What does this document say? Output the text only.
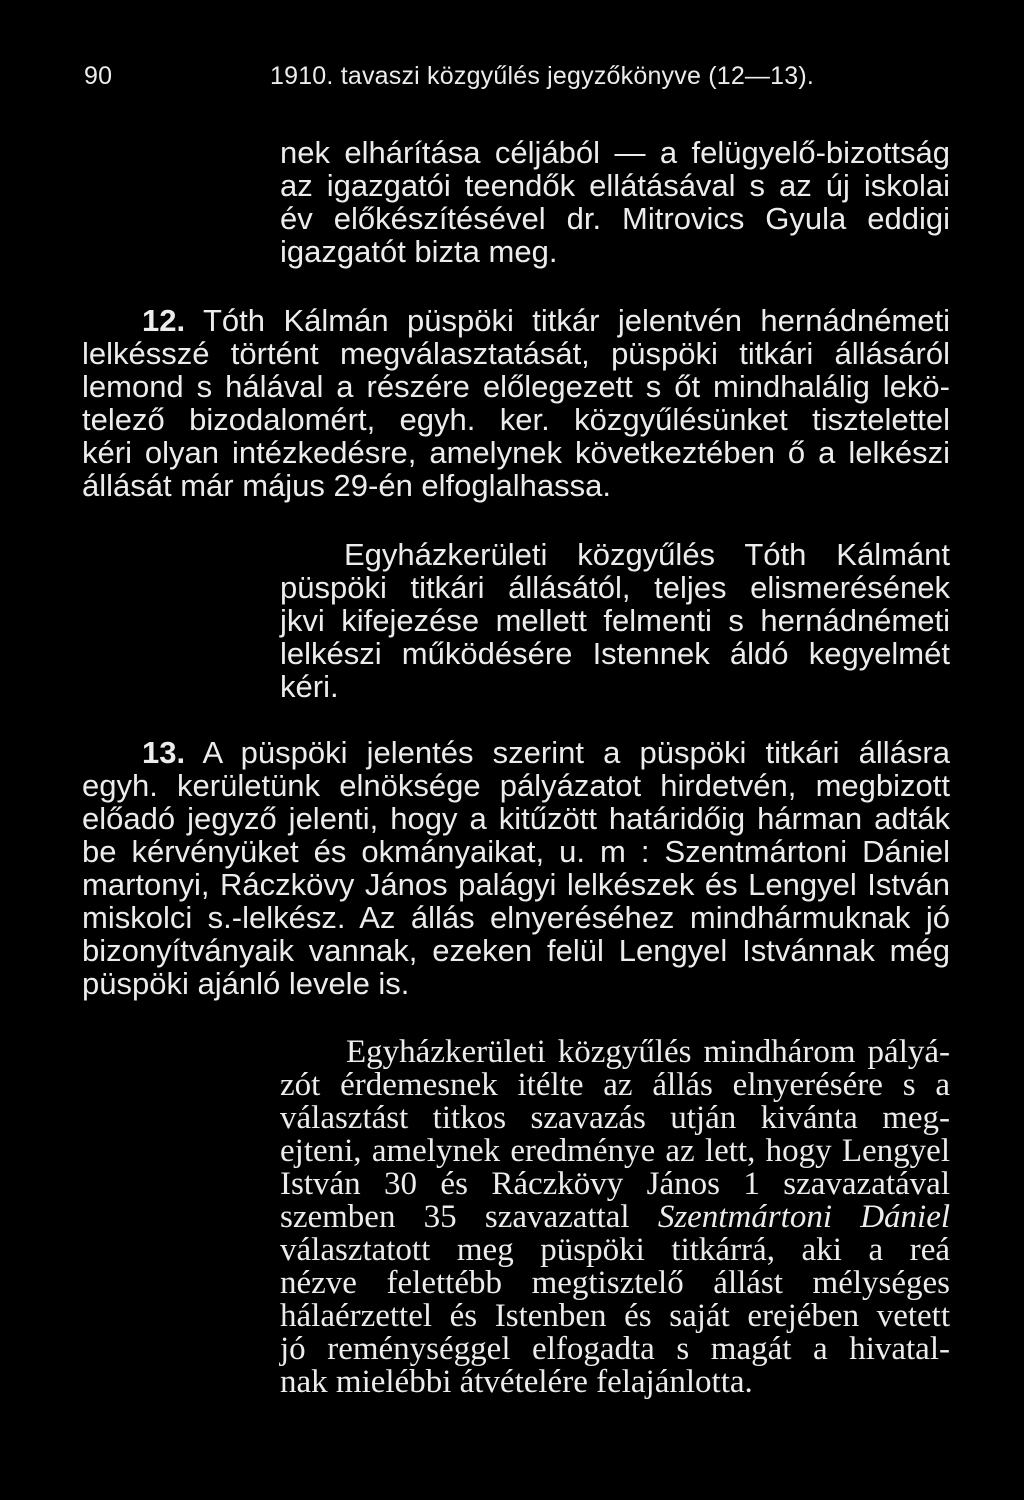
90	1910. tavaszi közgyűlés jegyzőkönyve (12—13).
nek elhárítása céljából — a felügyelő-bizottság
az igazgatói teendők ellátásával s az új iskolai
év előkészítésével dr. Mitrovics Gyula eddigi
igazgatót bizta meg.
12. Tóth Kálmán püspöki titkár jelentvén hernádnémeti
lelkésszé történt megválasztatását, püspöki titkári állásáról
lemond s hálával a részére előlegezett s őt mindhalálig lekö-
telező bizodalomért, egyh. ker. közgyűlésünket tisztelettel
kéri olyan intézkedésre, amelynek következtében ő a lelkészi
állását már május 29-én elfoglalhassa.
Egyházkerületi közgyűlés Tóth Kálmánt
püspöki titkári állásától, teljes elismerésének
jkvi kifejezése mellett felmenti s hernádnémeti
lelkészi működésére Istennek áldó kegyelmét
kéri.
13. A püspöki jelentés szerint a püspöki titkári állásra
egyh. kerületünk elnöksége pályázatot hirdetvén, megbizott
előadó jegyző jelenti, hogy a kitűzött határidőig hárman adták
be kérvényüket és okmányaikat, u. m : Szentmártoni Dániel
martonyi, Ráczkövy János palágyi lelkészek és Lengyel István
miskolci s.-lelkész. Az állás elnyeréséhez mindhármuknak jó
bizonyítványaik vannak, ezeken felül Lengyel Istvánnak még
püspöki ajánló levele is.
Egyházkerületi közgyűlés mindhárom pályá-
zót érdemesnek itélte az állás elnyerésére s a
választást titkos szavazás utján kivánta meg-
ejteni, amelynek eredménye az lett, hogy Lengyel
István 30 és Ráczkövy János 1 szavazatával
szemben 35 szavazattal Szentmártoni Dániel
választatott meg püspöki titkárrá, aki a reá
nézve felettébb megtisztelő állást mélységes
hálaérzettel és Istenben és saját erejében vetett
jó reménységgel elfogadta s magát a hivatal-
nak mielébbi átvételére felajánlotta.
